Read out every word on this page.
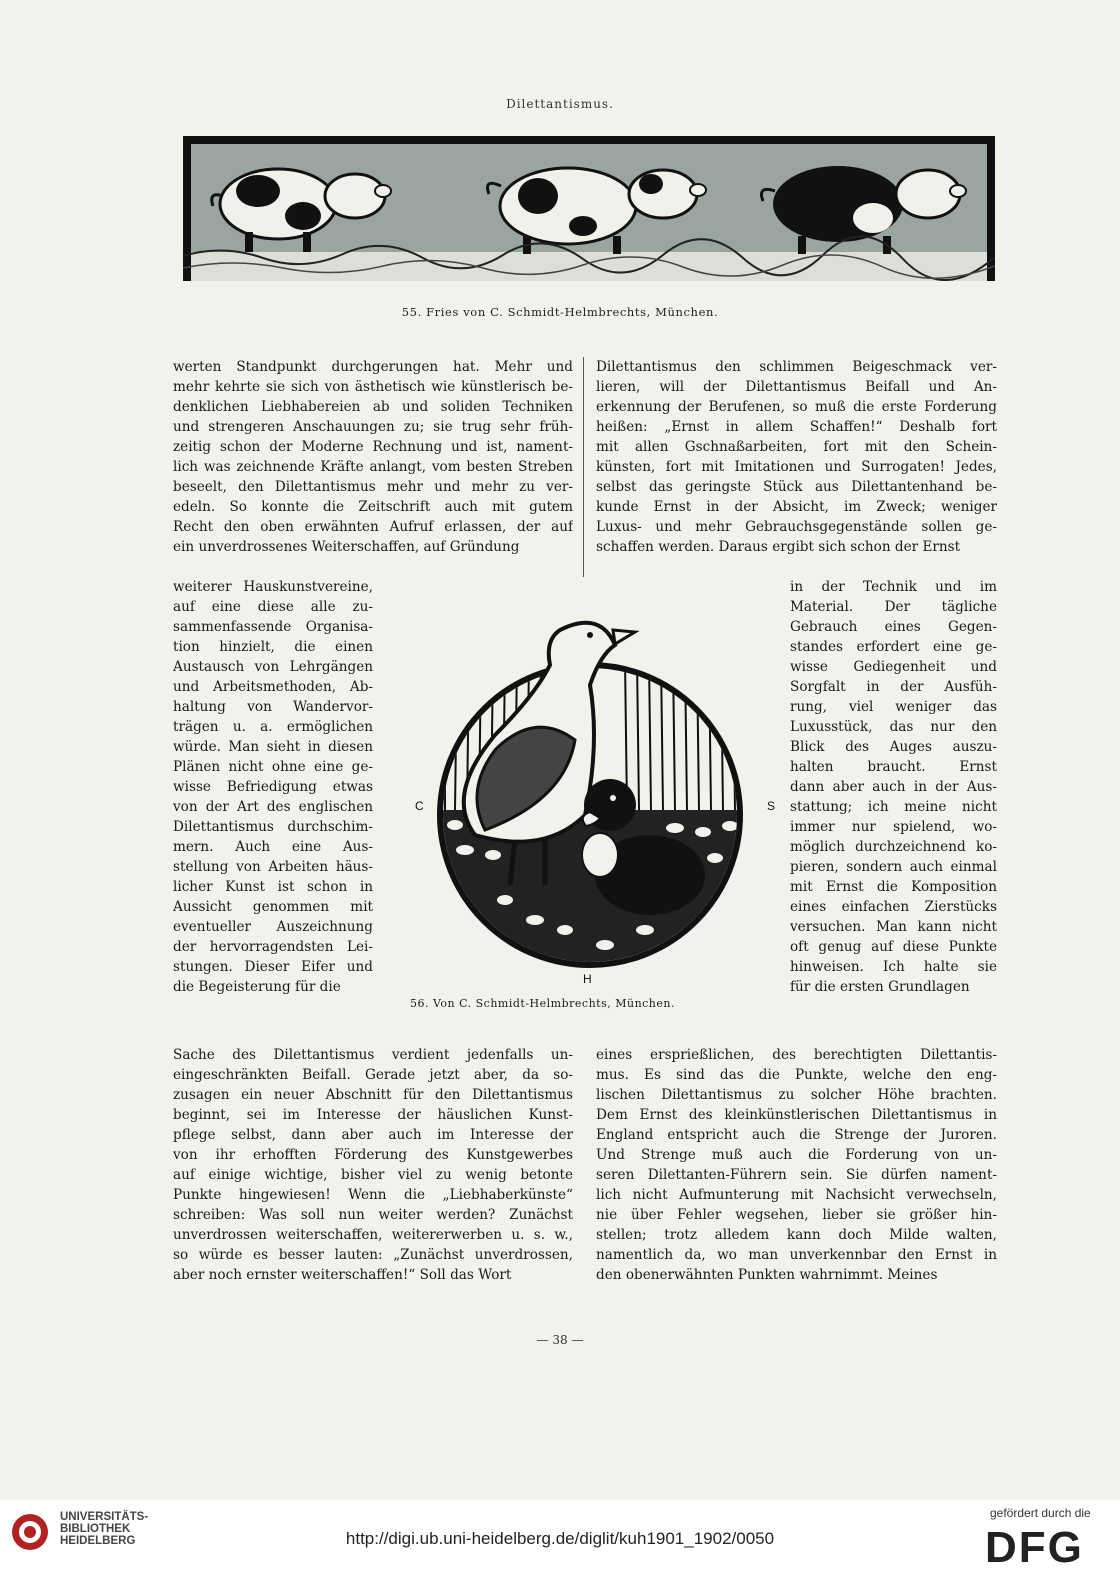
Dilettantismus.
55. Fries von C. Schmidt-Helmbrechts, München.
werten Standpunkt durchgerungen hat. Mehr und
mehr kehrte sie sich von ästhetisch wie künstlerisch be-
denklichen Liebhabereien ab und soliden Techniken
und strengeren Anschauungen zu; sie trug sehr früh-
zeitig schon der Moderne Rechnung und ist, nament-
lich was zeichnende Kräfte anlangt, vom besten Streben
beseelt, den Dilettantismus mehr und mehr zu ver-
edeln. So konnte die Zeitschrift auch mit gutem
Recht den oben erwähnten Aufruf erlassen, der auf
ein unverdrossenes Weiterschaffen, auf Gründung
Dilettantismus den schlimmen Beigeschmack ver-
lieren, will der Dilettantismus Beifall und An-
erkennung der Berufenen, so muß die erste Forderung
heißen: „Ernst in allem Schaffen!“ Deshalb fort
mit allen Gschnaßarbeiten, fort mit den Schein-
künsten, fort mit Imitationen und Surrogaten! Jedes,
selbst das geringste Stück aus Dilettantenhand be-
kunde Ernst in der Absicht, im Zweck; weniger
Luxus- und mehr Gebrauchsgegenstände sollen ge-
schaffen werden. Daraus ergibt sich schon der Ernst
weiterer Hauskunstvereine,
auf eine diese alle zu-
sammenfassende Organisa-
tion hinzielt, die einen
Austausch von Lehrgängen
und Arbeitsmethoden, Ab-
haltung von Wandervor-
trägen u. a. ermöglichen
würde. Man sieht in diesen
Plänen nicht ohne eine ge-
wisse Befriedigung etwas
von der Art des englischen
Dilettantismus durchschim-
mern. Auch eine Aus-
stellung von Arbeiten häus-
licher Kunst ist schon in
Aussicht genommen mit
eventueller Auszeichnung
der hervorragendsten Lei-
stungen. Dieser Eifer und
die Begeisterung für die
in der Technik und im
Material. Der tägliche
Gebrauch eines Gegen-
standes erfordert eine ge-
wisse Gediegenheit und
Sorgfalt in der Ausfüh-
rung, viel weniger das
Luxusstück, das nur den
Blick des Auges auszu-
halten braucht. Ernst
dann aber auch in der Aus-
stattung; ich meine nicht
immer nur spielend, wo-
möglich durchzeichnend ko-
pieren, sondern auch einmal
mit Ernst die Komposition
eines einfachen Zierstücks
versuchen. Man kann nicht
oft genug auf diese Punkte
hinweisen. Ich halte sie
für die ersten Grundlagen
Sache des Dilettantismus verdient jedenfalls un-
eingeschränkten Beifall. Gerade jetzt aber, da so-
zusagen ein neuer Abschnitt für den Dilettantismus
beginnt, sei im Interesse der häuslichen Kunst-
pflege selbst, dann aber auch im Interesse der
von ihr erhofften Förderung des Kunstgewerbes
auf einige wichtige, bisher viel zu wenig betonte
Punkte hingewiesen! Wenn die „Liebhaberkünste“
schreiben: Was soll nun weiter werden? Zunächst
unverdrossen weiterschaffen, weitererwerben u. s. w.,
so würde es besser lauten: „Zunächst unverdrossen,
aber noch ernster weiterschaffen!“ Soll das Wort
eines ersprießlichen, des berechtigten Dilettantis-
mus. Es sind das die Punkte, welche den eng-
lischen Dilettantismus zu solcher Höhe brachten.
Dem Ernst des kleinkünstlerischen Dilettantismus in
England entspricht auch die Strenge der Juroren.
Und Strenge muß auch die Forderung von un-
seren Dilettanten-Führern sein. Sie dürfen nament-
lich nicht Aufmunterung mit Nachsicht verwechseln,
nie über Fehler wegsehen, lieber sie größer hin-
stellen; trotz alledem kann doch Milde walten,
namentlich da, wo man unverkennbar den Ernst in
den obenerwähnten Punkten wahrnimmt. Meines
C	S
H
56. Von C. Schmidt-Helmbrechts, München.
— 38 —
UNIVERSITÄTS-
BIBLIOTHEK
HEIDELBERG	http://digi.ub.uni-heidelberg.de/diglit/kuh1901_1902/0050
gefördert durch die
DFG
